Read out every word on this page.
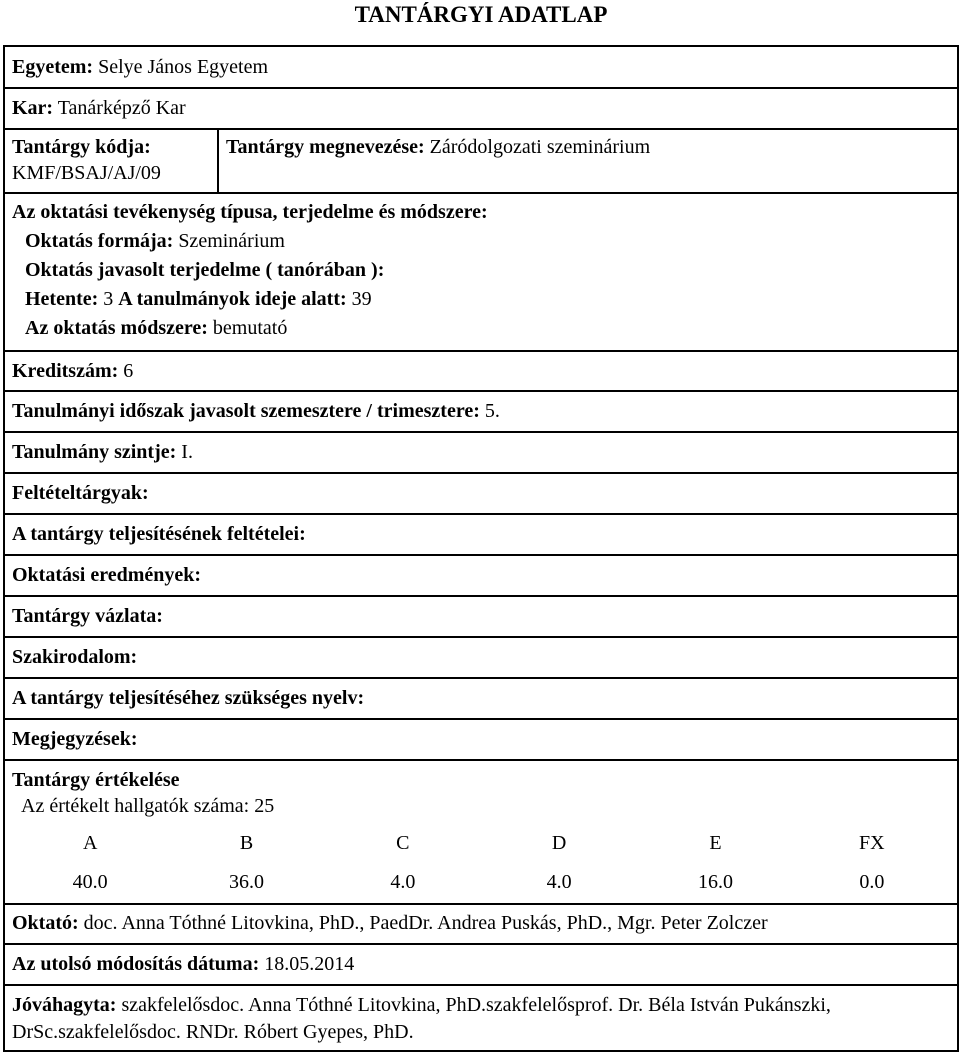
TANTÁRGYI ADATLAP
Egyetem: Selye János Egyetem
Kar: Tanárképző Kar
Tantárgy kódja:
KMF/BSAJ/AJ/09	Tantárgy megnevezése: Záródolgozati szeminárium
Az oktatási tevékenység típusa, terjedelme és módszere:
Oktatás formája: Szeminárium
Oktatás javasolt terjedelme ( tanórában ):
Hetente: 3 A tanulmányok ideje alatt: 39
Az oktatás módszere: bemutató

Kreditszám: 6
Tanulmányi időszak javasolt szemesztere / trimesztere: 5.
Tanulmány szintje: I.
Feltételtárgyak:
A tantárgy teljesítésének feltételei:
Oktatási eredmények:
Tantárgy vázlata:
Szakirodalom:
A tantárgy teljesítéséhez szükséges nyelv:
Megjegyzések:

Tantárgy értékelése
Az értékelt hallgatók száma: 25
A	B	C	D	E	FX
40.0	36.0	4.0	4.0	16.0	0.0

Oktató: doc. Anna Tóthné Litovkina, PhD., PaedDr. Andrea Puskás, PhD., Mgr. Peter Zolczer
Az utolsó módosítás dátuma: 18.05.2014
Jóváhagyta: szakfelelősdoc. Anna Tóthné Litovkina, PhD.szakfelelősprof. Dr. Béla István Pukánszki, DrSc.szakfelelősdoc. RNDr. Róbert Gyepes, PhD.
